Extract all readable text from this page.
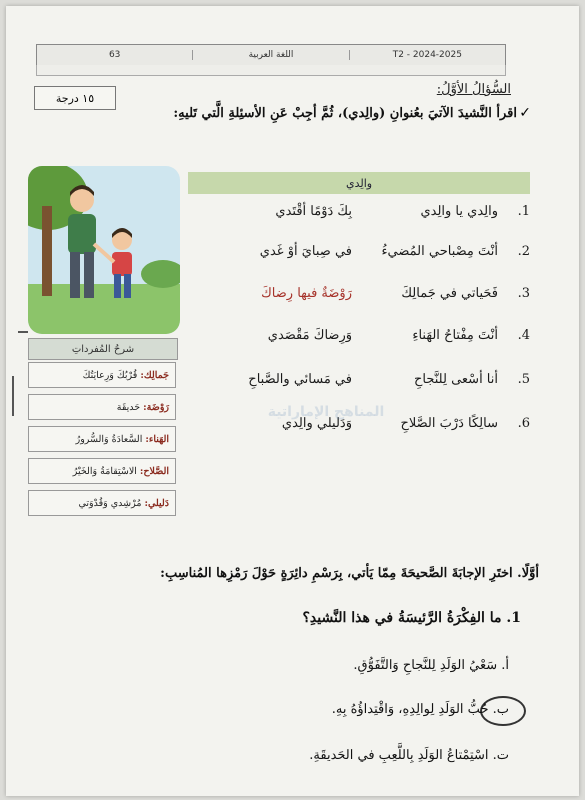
T2 - 2024-2025
اللغة العربية
63
١٥ درجة
السُّؤالُ الأوَّلُ:
✓
اقرأ النَّشيدَ الآتيَ بعُنوانِ (والِدي)، ثُمَّ أجِبْ عَنِ الأسئِلةِ الَّتي تَليهِ:
شرحُ المُفرداتِ
جَمالِك:
قُرْبُكَ وَرِعايَتُكَ
رَوْضَة:
حَديقَة
الهَناء:
السَّعادَةُ وَالسُّرورُ
الصَّلاح:
الاسْتِقامَةُ وَالخَيْرُ
دَليلي:
مُرْشِدي وَقُدْوَتي
والِدي
1.
والِدي يا والِدي
بِكَ دَوْمًا أقْتَدي
2.
أنْتَ مِصْباحي المُضيءُ
في صِبايَ أوْ غَدي
3.
فَحَياتي في جَمالِكَ
رَوْضَةٌ فيها رِضاكَ
4.
أنْتَ مِفْتاحُ الهَناءِ
وَرِضاكَ مَقْصَدي
5.
أنا أسْعى لِلنَّجاحِ
في مَسائي والصَّباحِ
6.
سالِكًا دَرْبَ الصَّلاحِ
وَدَليلي والِدي
المناهج الإماراتية
أوَّلًا. اختَرِ الإجابَةَ الصَّحيحَةَ مِمّا يَأتي، بِرَسْمِ دائِرَةٍ حَوْلَ رَمْزِها المُناسِبِ:
1. ما الفِكْرَةُ الرَّئيسَةُ في هذا النَّشيدِ؟
أ. سَعْيُ الوَلَدِ لِلنَّجاحِ وَالتَّفَوُّقِ.
ب. حُبُّ الوَلَدِ لِوالِدِهِ، وَاقْتِداؤُهُ بِهِ.
ت. اسْتِمْتاعُ الوَلَدِ بِاللَّعِبِ في الحَديقَةِ.
